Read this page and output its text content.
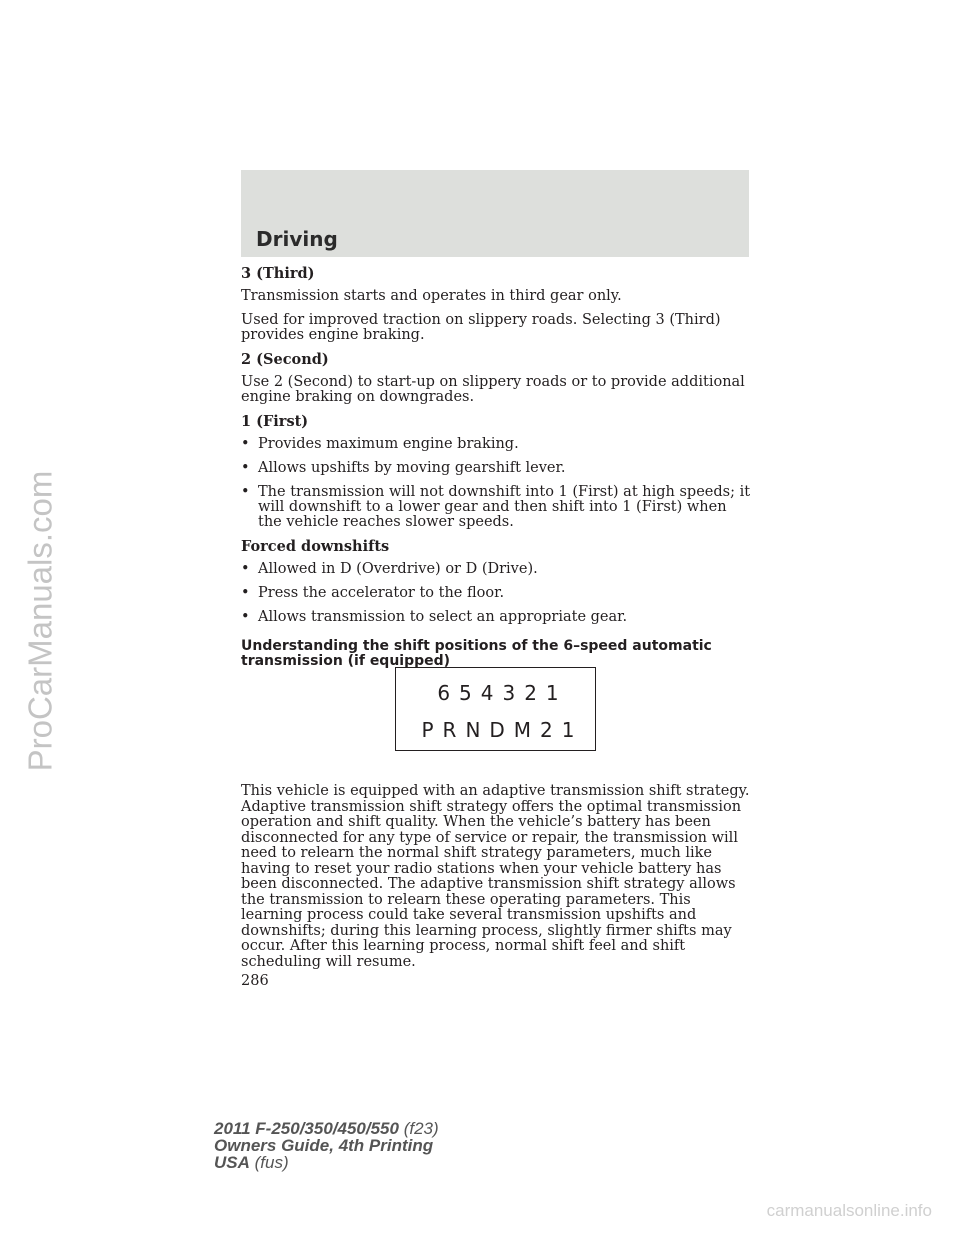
ProCarManuals.com
Driving

3 (Third)

Transmission starts and operates in third gear only.

Used for improved traction on slippery roads. Selecting 3 (Third) provides engine braking.

2 (Second)

Use 2 (Second) to start-up on slippery roads or to provide additional engine braking on downgrades.

1 (First)

• Provides maximum engine braking.
• Allows upshifts by moving gearshift lever.
• The transmission will not downshift into 1 (First) at high speeds; it will downshift to a lower gear and then shift into 1 (First) when the vehicle reaches slower speeds.

Forced downshifts

• Allowed in D (Overdrive) or D (Drive).
• Press the accelerator to the floor.
• Allows transmission to select an appropriate gear.

Understanding the shift positions of the 6–speed automatic transmission (if equipped)

654321
PRNDM21

This vehicle is equipped with an adaptive transmission shift strategy. Adaptive transmission shift strategy offers the optimal transmission operation and shift quality. When the vehicle’s battery has been disconnected for any type of service or repair, the transmission will need to relearn the normal shift strategy parameters, much like having to reset your radio stations when your vehicle battery has been disconnected. The adaptive transmission shift strategy allows the transmission to relearn these operating parameters. This learning process could take several transmission upshifts and downshifts; during this learning process, slightly firmer shifts may occur. After this learning process, normal shift feel and shift scheduling will resume.

286
2011 F-250/350/450/550 (f23)
Owners Guide, 4th Printing
USA (fus)
carmanualsonline.info
